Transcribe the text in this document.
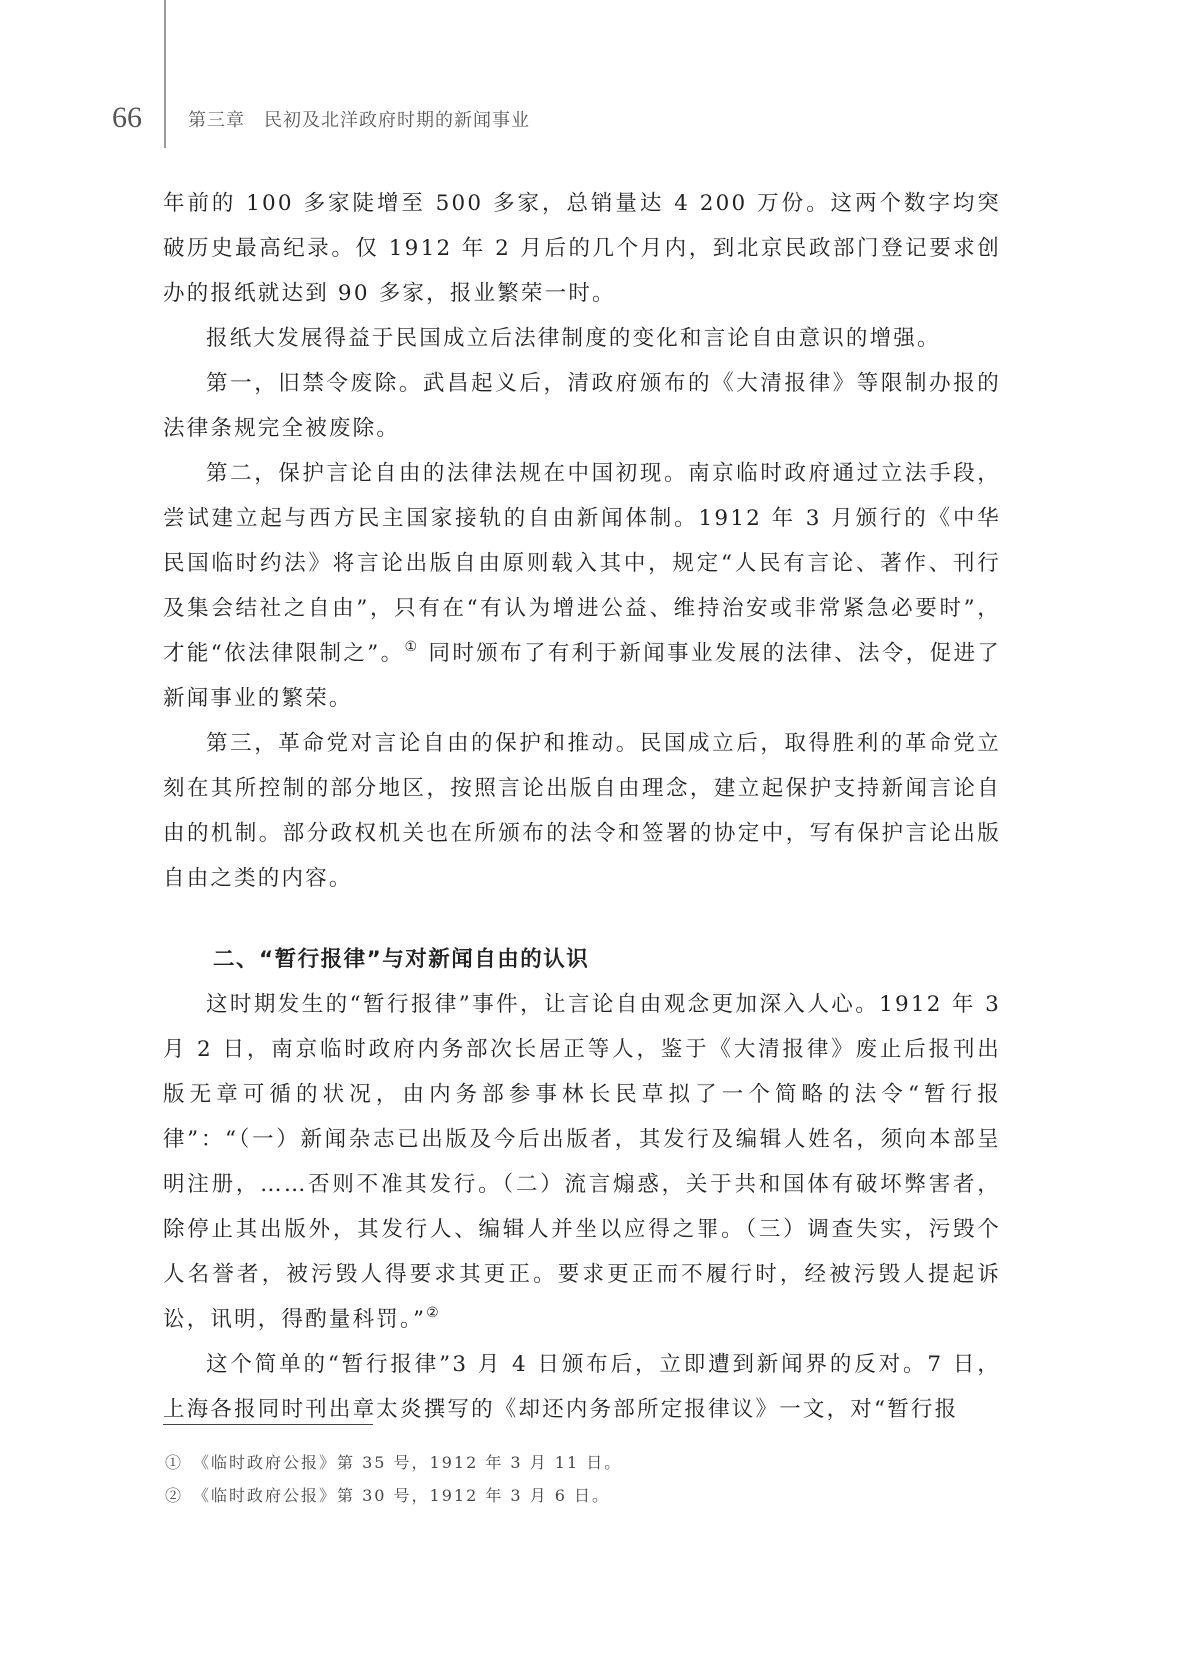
66	第三章　民初及北洋政府时期的新闻事业

年前的 100 多家陡增至 500 多家，总销量达 4 200 万份。这两个数字均突破历史最高纪录。仅 1912 年 2 月后的几个月内，到北京民政部门登记要求创办的报纸就达到 90 多家，报业繁荣一时。

报纸大发展得益于民国成立后法律制度的变化和言论自由意识的增强。

第一，旧禁令废除。武昌起义后，清政府颁布的《大清报律》等限制办报的法律条规完全被废除。

第二，保护言论自由的法律法规在中国初现。南京临时政府通过立法手段，尝试建立起与西方民主国家接轨的自由新闻体制。1912 年 3 月颁行的《中华民国临时约法》将言论出版自由原则载入其中，规定“人民有言论、著作、刊行及集会结社之自由”，只有在“有认为增进公益、维持治安或非常紧急必要时”，才能“依法律限制之”。① 同时颁布了有利于新闻事业发展的法律、法令，促进了新闻事业的繁荣。

第三，革命党对言论自由的保护和推动。民国成立后，取得胜利的革命党立刻在其所控制的部分地区，按照言论出版自由理念，建立起保护支持新闻言论自由的机制。部分政权机关也在所颁布的法令和签署的协定中，写有保护言论出版自由之类的内容。

二、“暂行报律”与对新闻自由的认识

这时期发生的“暂行报律”事件，让言论自由观念更加深入人心。1912 年 3 月 2 日，南京临时政府内务部次长居正等人，鉴于《大清报律》废止后报刊出版无章可循的状况，由内务部参事林长民草拟了一个简略的法令“暂行报律”：“（一）新闻杂志已出版及今后出版者，其发行及编辑人姓名，须向本部呈明注册，……否则不准其发行。（二）流言煽惑，关于共和国体有破坏弊害者，除停止其出版外，其发行人、编辑人并坐以应得之罪。（三）调查失实，污毁个人名誉者，被污毁人得要求其更正。要求更正而不履行时，经被污毁人提起诉讼，讯明，得酌量科罚。”②

这个简单的“暂行报律”3 月 4 日颁布后，立即遭到新闻界的反对。7 日，上海各报同时刊出章太炎撰写的《却还内务部所定报律议》一文，对“暂行报

①　《临时政府公报》第 35 号，1912 年 3 月 11 日。
②　《临时政府公报》第 30 号，1912 年 3 月 6 日。
